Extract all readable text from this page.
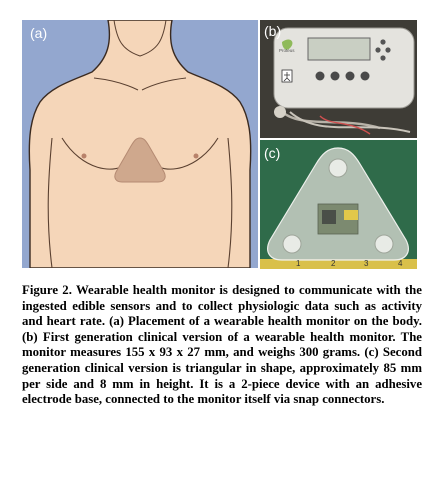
(a)
Proteus
(b)
1	2	3	4
(c)

Figure 2. Wearable health monitor is designed to communicate with the ingested edible sensors and to collect physiologic data such as activity and heart rate. (a) Placement of a wearable health monitor on the body. (b) First generation clinical version of a wearable health monitor. The monitor measures 155 x 93 x 27 mm, and weighs 300 grams. (c) Second generation clinical version is triangular in shape, approximately 85 mm per side and 8 mm in height. It is a 2-piece device with an adhesive electrode base, connected to the monitor itself via snap connectors.
